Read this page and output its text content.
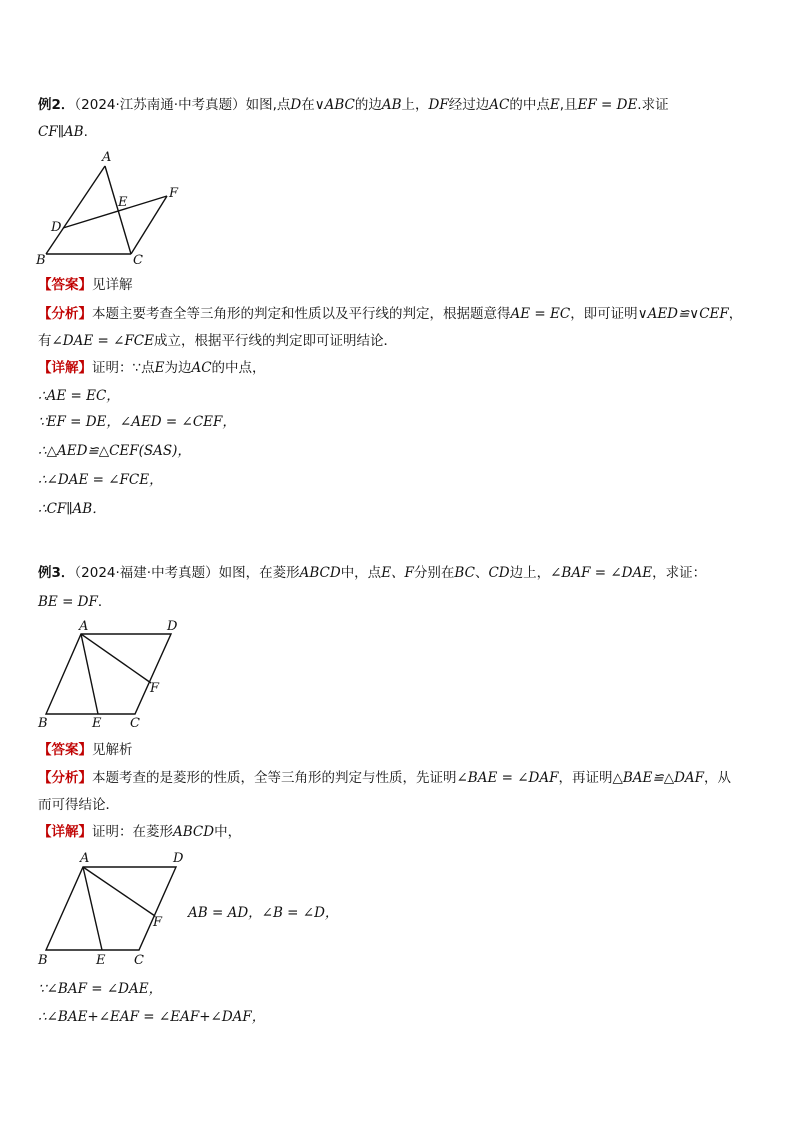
例2．（2024·江苏南通·中考真题）如图,点D在∨ABC的边AB上，DF经过边AC的中点E,且EF = DE.求证
CF∥AB.
A
B	C
D
E
F
【答案】见详解
【分析】本题主要考查全等三角形的判定和性质以及平行线的判定，根据题意得AE = EC，即可证明∨AED≌∨CEF，
有∠DAE = ∠FCE成立，根据平行线的判定即可证明结论．
【详解】证明：∵点E为边AC的中点，
∴AE = EC，
∵EF = DE，∠AED = ∠CEF，
∴△AED≌△CEF(SAS)，
∴∠DAE = ∠FCE，
∴CF∥AB．
例3．（2024·福建·中考真题）如图，在菱形ABCD中，点E、F分别在BC、CD边上，∠BAF = ∠DAE，求证：
BE = DF．
A	D
B	E C
F
【答案】见解析
【分析】本题考查的是菱形的性质，全等三角形的判定与性质，先证明∠BAE = ∠DAF，再证明△BAE≌△DAF，从
而可得结论．
【详解】证明：在菱形ABCD中，
A	D
B	E C
F
AB = AD，∠B = ∠D，
∵∠BAF = ∠DAE，
∴∠BAE+∠EAF = ∠EAF+∠DAF，
